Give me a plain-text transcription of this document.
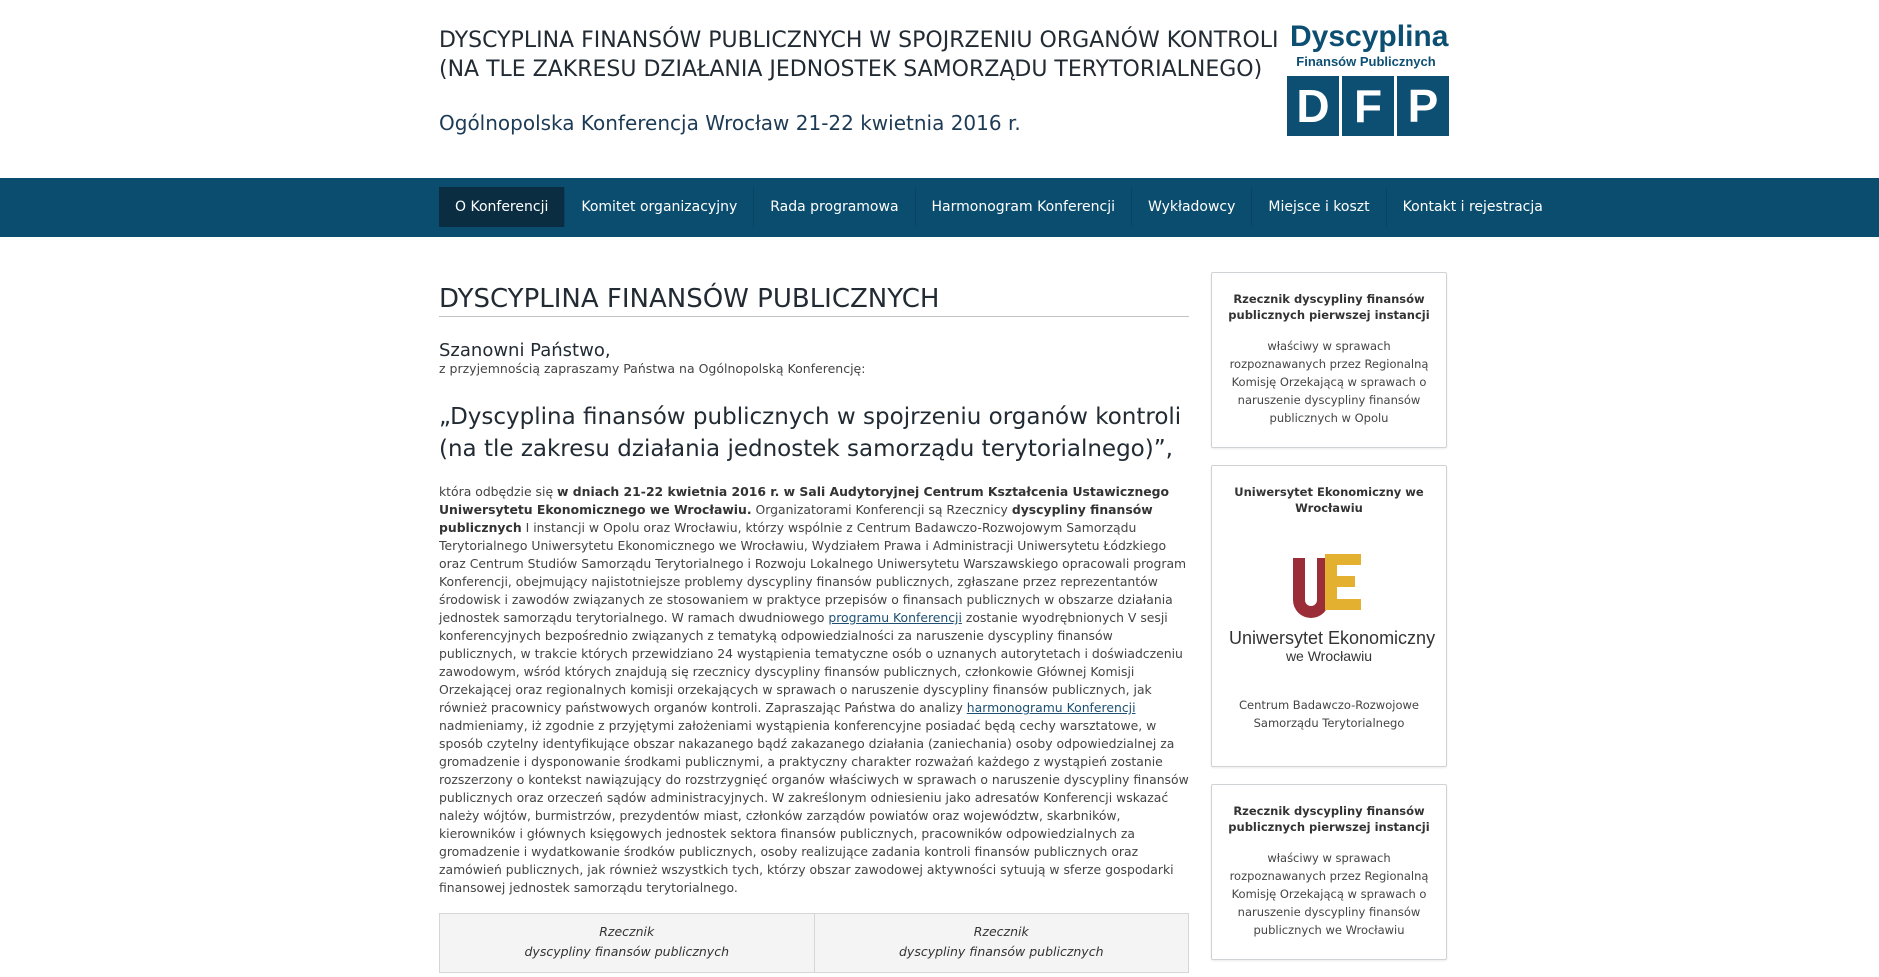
DYSCYPLINA FINANSÓW PUBLICZNYCH W SPOJRZENIU ORGANÓW KONTROLI
(NA TLE ZAKRESU DZIAŁANIA JEDNOSTEK SAMORZĄDU TERYTORIALNEGO)
Ogólnopolska Konferencja Wrocław 21-22 kwietnia 2016 r.
Dyscyplina
Finansów Publicznych
D F P
O Konferencji	Komitet organizacyjny	Rada programowa	Harmonogram Konferencji	Wykładowcy	Miejsce i koszt	Kontakt i rejestracja
DYSCYPLINA FINANSÓW PUBLICZNYCH
Szanowni Państwo,
z przyjemnością zapraszamy Państwa na Ogólnopolską Konferencję:
„Dyscyplina finansów publicznych w spojrzeniu organów kontroli (na tle zakresu działania jednostek samorządu terytorialnego)”,

która odbędzie się w dniach 21-22 kwietnia 2016 r. w Sali Audytoryjnej Centrum Kształcenia Ustawicznego Uniwersytetu Ekonomicznego we Wrocławiu. Organizatorami Konferencji są Rzecznicy dyscypliny finansów publicznych I instancji w Opolu oraz Wrocławiu, którzy wspólnie z Centrum Badawczo-Rozwojowym Samorządu Terytorialnego Uniwersytetu Ekonomicznego we Wrocławiu, Wydziałem Prawa i Administracji Uniwersytetu Łódzkiego oraz Centrum Studiów Samorządu Terytorialnego i Rozwoju Lokalnego Uniwersytetu Warszawskiego opracowali program Konferencji, obejmujący najistotniejsze problemy dyscypliny finansów publicznych, zgłaszane przez reprezentantów środowisk i zawodów związanych ze stosowaniem w praktyce przepisów o finansach publicznych w obszarze działania jednostek samorządu terytorialnego. W ramach dwudniowego programu Konferencji zostanie wyodrębnionych V sesji konferencyjnych bezpośrednio związanych z tematyką odpowiedzialności za naruszenie dyscypliny finansów publicznych, w trakcie których przewidziano 24 wystąpienia tematyczne osób o uznanych autorytetach i doświadczeniu zawodowym, wśród których znajdują się rzecznicy dyscypliny finansów publicznych, członkowie Głównej Komisji Orzekającej oraz regionalnych komisji orzekających w sprawach o naruszenie dyscypliny finansów publicznych, jak również pracownicy państwowych organów kontroli. Zapraszając Państwa do analizy harmonogramu Konferencji nadmieniamy, iż zgodnie z przyjętymi założeniami wystąpienia konferencyjne posiadać będą cechy warsztatowe, w sposób czytelny identyfikujące obszar nakazanego bądź zakazanego działania (zaniechania) osoby odpowiedzialnej za gromadzenie i dysponowanie środkami publicznymi, a praktyczny charakter rozważań każdego z wystąpień zostanie rozszerzony o kontekst nawiązujący do rozstrzygnięć organów właściwych w sprawach o naruszenie dyscypliny finansów publicznych oraz orzeczeń sądów administracyjnych. W zakreślonym odniesieniu jako adresatów Konferencji wskazać należy wójtów, burmistrzów, prezydentów miast, członków zarządów powiatów oraz województw, skarbników, kierowników i głównych księgowych jednostek sektora finansów publicznych, pracowników odpowiedzialnych za gromadzenie i wydatkowanie środków publicznych, osoby realizujące zadania kontroli finansów publicznych oraz zamówień publicznych, jak również wszystkich tych, którzy obszar zawodowej aktywności sytuują w sferze gospodarki finansowej jednostek samorządu terytorialnego.

Rzecznik
dyscypliny finansów publicznych
Rzecznik
dyscypliny finansów publicznych
Rzecznik dyscypliny finansów publicznych pierwszej instancji
właściwy w sprawach rozpoznawanych przez Regionalną Komisję Orzekającą w sprawach o naruszenie dyscypliny finansów publicznych w Opolu
Uniwersytet Ekonomiczny we Wrocławiu
Uniwersytet Ekonomiczny
we Wrocławiu
Centrum Badawczo-Rozwojowe Samorządu Terytorialnego
Rzecznik dyscypliny finansów publicznych pierwszej instancji
właściwy w sprawach rozpoznawanych przez Regionalną Komisję Orzekającą w sprawach o naruszenie dyscypliny finansów publicznych we Wrocławiu
